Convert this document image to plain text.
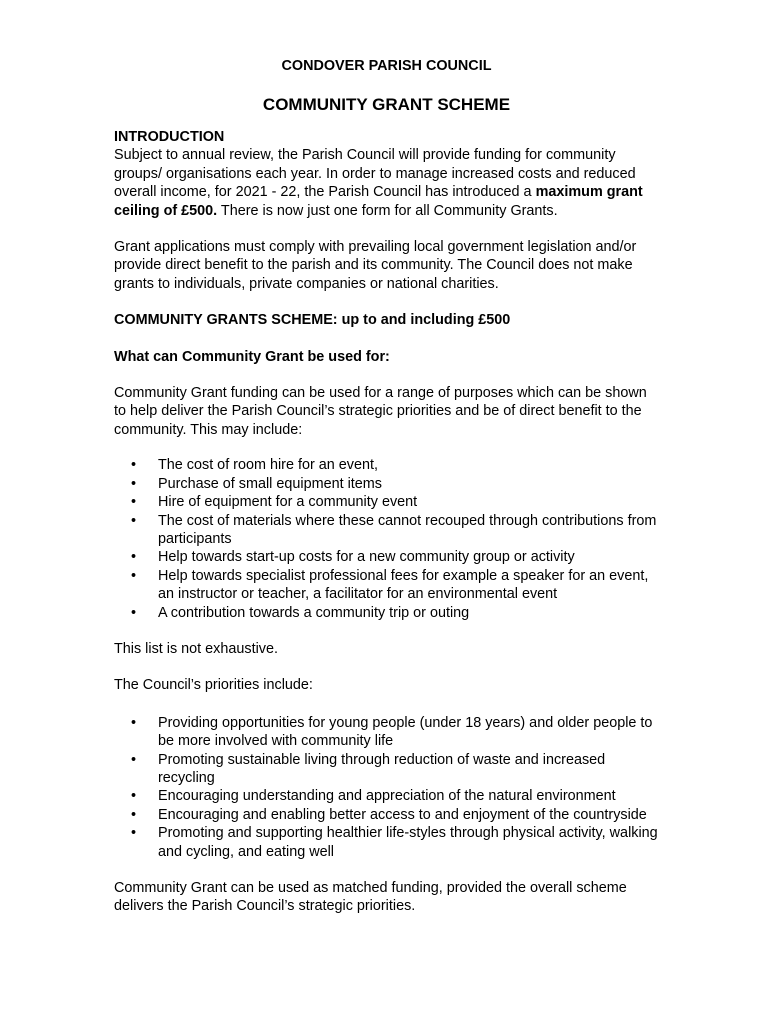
CONDOVER PARISH COUNCIL

COMMUNITY GRANT SCHEME

INTRODUCTION

Subject to annual review, the Parish Council will provide funding for community groups/ organisations each year. In order to manage increased costs and reduced overall income, for 2021 - 22, the Parish Council has introduced a maximum grant ceiling of £500. There is now just one form for all Community Grants.

Grant applications must comply with prevailing local government legislation and/or provide direct benefit to the parish and its community. The Council does not make grants to individuals, private companies or national charities.

COMMUNITY GRANTS SCHEME: up to and including £500

What can Community Grant be used for:

Community Grant funding can be used for a range of purposes which can be shown to help deliver the Parish Council’s strategic priorities and be of direct benefit to the community. This may include:

• The cost of room hire for an event,
• Purchase of small equipment items
• Hire of equipment for a community event
• The cost of materials where these cannot recouped through contributions from participants
• Help towards start-up costs for a new community group or activity
• Help towards specialist professional fees for example a speaker for an event, an instructor or teacher, a facilitator for an environmental event
• A contribution towards a community trip or outing

This list is not exhaustive.

The Council’s priorities include:

• Providing opportunities for young people (under 18 years) and older people to be more involved with community life
• Promoting sustainable living through reduction of waste and increased recycling
• Encouraging understanding and appreciation of the natural environment
• Encouraging and enabling better access to and enjoyment of the countryside
• Promoting and supporting healthier life-styles through physical activity, walking and cycling, and eating well

Community Grant can be used as matched funding, provided the overall scheme delivers the Parish Council’s strategic priorities.
